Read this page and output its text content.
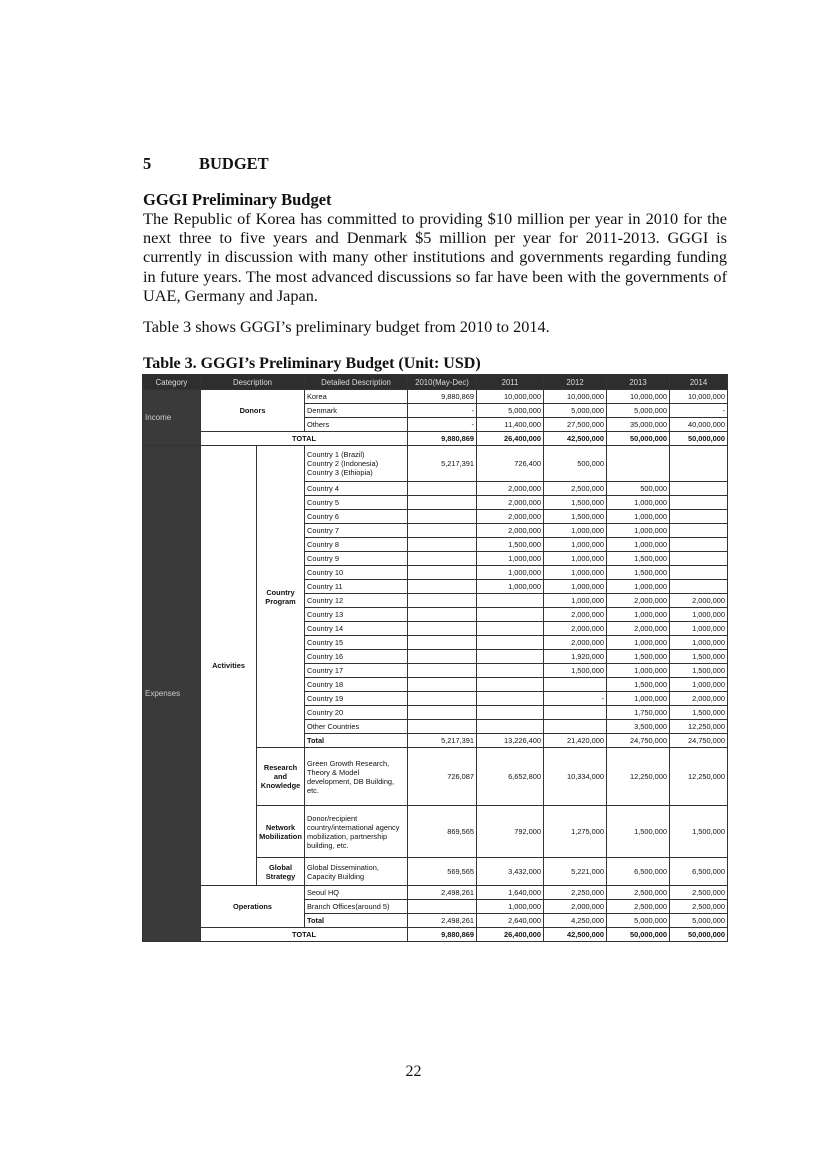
5	BUDGET
GGGI Preliminary Budget
The Republic of Korea has committed to providing $10 million per year in 2010 for the next three to five years and Denmark $5 million per year for 2011-2013. GGGI is currently in discussion with many other institutions and governments regarding funding in future years. The most advanced discussions so far have been with the governments of UAE, Germany and Japan.
Table 3 shows GGGI’s preliminary budget from 2010 to 2014.
Table 3. GGGI’s Preliminary Budget (Unit: USD)
Category	Description		Detailed Description	2010(May-Dec)	2011	2012	2013	2014
Income	Donors		Korea	9,880,869	10,000,000	10,000,000	10,000,000	10,000,000
			Denmark	-	5,000,000	5,000,000	5,000,000	-
			Others	-	11,400,000	27,500,000	35,000,000	40,000,000
	TOTAL			9,880,869	26,400,000	42,500,000	50,000,000	50,000,000
Expenses	Activities	Country Program	Country 1 (Brazil)
Country 2 (Indonesia)
Country 3 (Ethiopia)	5,217,391	726,400	500,000		
			Country 4		2,000,000	2,500,000	500,000	
			Country 5		2,000,000	1,500,000	1,000,000	
			Country 6		2,000,000	1,500,000	1,000,000	
			Country 7		2,000,000	1,000,000	1,000,000	
			Country 8		1,500,000	1,000,000	1,000,000	
			Country 9		1,000,000	1,000,000	1,500,000	
			Country 10		1,000,000	1,000,000	1,500,000	
			Country 11		1,000,000	1,000,000	1,000,000	
			Country 12			1,000,000	2,000,000	2,000,000
			Country 13			2,000,000	1,000,000	1,000,000
			Country 14			2,000,000	2,000,000	1,000,000
			Country 15			2,000,000	1,000,000	1,000,000
			Country 16			1,920,000	1,500,000	1,500,000
			Country 17			1,500,000	1,000,000	1,500,000
			Country 18				1,500,000	1,000,000
			Country 19			-	1,000,000	2,000,000
			Country 20				1,750,000	1,500,000
			Other Countries				3,500,000	12,250,000
			Total	5,217,391	13,226,400	21,420,000	24,750,000	24,750,000
		Research and Knowledge	Green Growth Research, Theory & Model development, DB Building, etc.	726,087	6,652,800	10,334,000	12,250,000	12,250,000
		Network Mobilization	Donor/recipient country/international agency mobilization, partnership building, etc.	869,565	792,000	1,275,000	1,500,000	1,500,000
		Global Strategy	Global Dissemination, Capacity Building	569,565	3,432,000	5,221,000	6,500,000	6,500,000
	Operations		Seoul HQ	2,498,261	1,640,000	2,250,000	2,500,000	2,500,000
			Branch Offices(around 5)		1,000,000	2,000,000	2,500,000	2,500,000
			Total	2,498,261	2,640,000	4,250,000	5,000,000	5,000,000
	TOTAL			9,880,869	26,400,000	42,500,000	50,000,000	50,000,000
22
